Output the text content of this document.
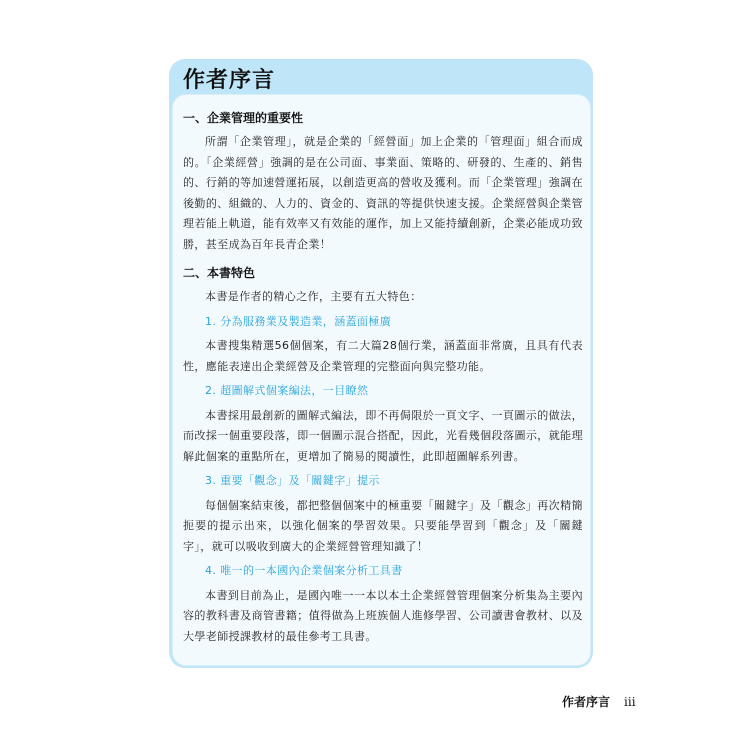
作者序言

一、企業管理的重要性

所謂「企業管理」，就是企業的「經營面」加上企業的「管理面」組合而成的。「企業經營」強調的是在公司面、事業面、策略的、研發的、生產的、銷售的、行銷的等加速營運拓展，以創造更高的營收及獲利。而「企業管理」強調在後勤的、組織的、人力的、資金的、資訊的等提供快速支援。企業經營與企業管理若能上軌道，能有效率又有效能的運作，加上又能持續創新，企業必能成功致勝，甚至成為百年長青企業！

二、本書特色

本書是作者的精心之作，主要有五大特色：

1. 分為服務業及製造業，涵蓋面極廣

本書搜集精選56個個案，有二大篇28個行業，涵蓋面非常廣，且具有代表性，應能表達出企業經營及企業管理的完整面向與完整功能。

2. 超圖解式個案編法，一目瞭然

本書採用最創新的圖解式編法，即不再侷限於一頁文字、一頁圖示的做法，而改採一個重要段落，即一個圖示混合搭配，因此，光看幾個段落圖示，就能理解此個案的重點所在，更增加了簡易的閱讀性，此即超圖解系列書。

3. 重要「觀念」及「關鍵字」提示

每個個案結束後，都把整個個案中的極重要「關鍵字」及「觀念」再次精簡扼要的提示出來，以強化個案的學習效果。只要能學習到「觀念」及「關鍵字」，就可以吸收到廣大的企業經營管理知識了！

4. 唯一的一本國內企業個案分析工具書

本書到目前為止，是國內唯一一本以本土企業經營管理個案分析集為主要內容的教科書及商管書籍；值得做為上班族個人進修學習、公司讀書會教材、以及大學老師授課教材的最佳參考工具書。

作者序言 iii
